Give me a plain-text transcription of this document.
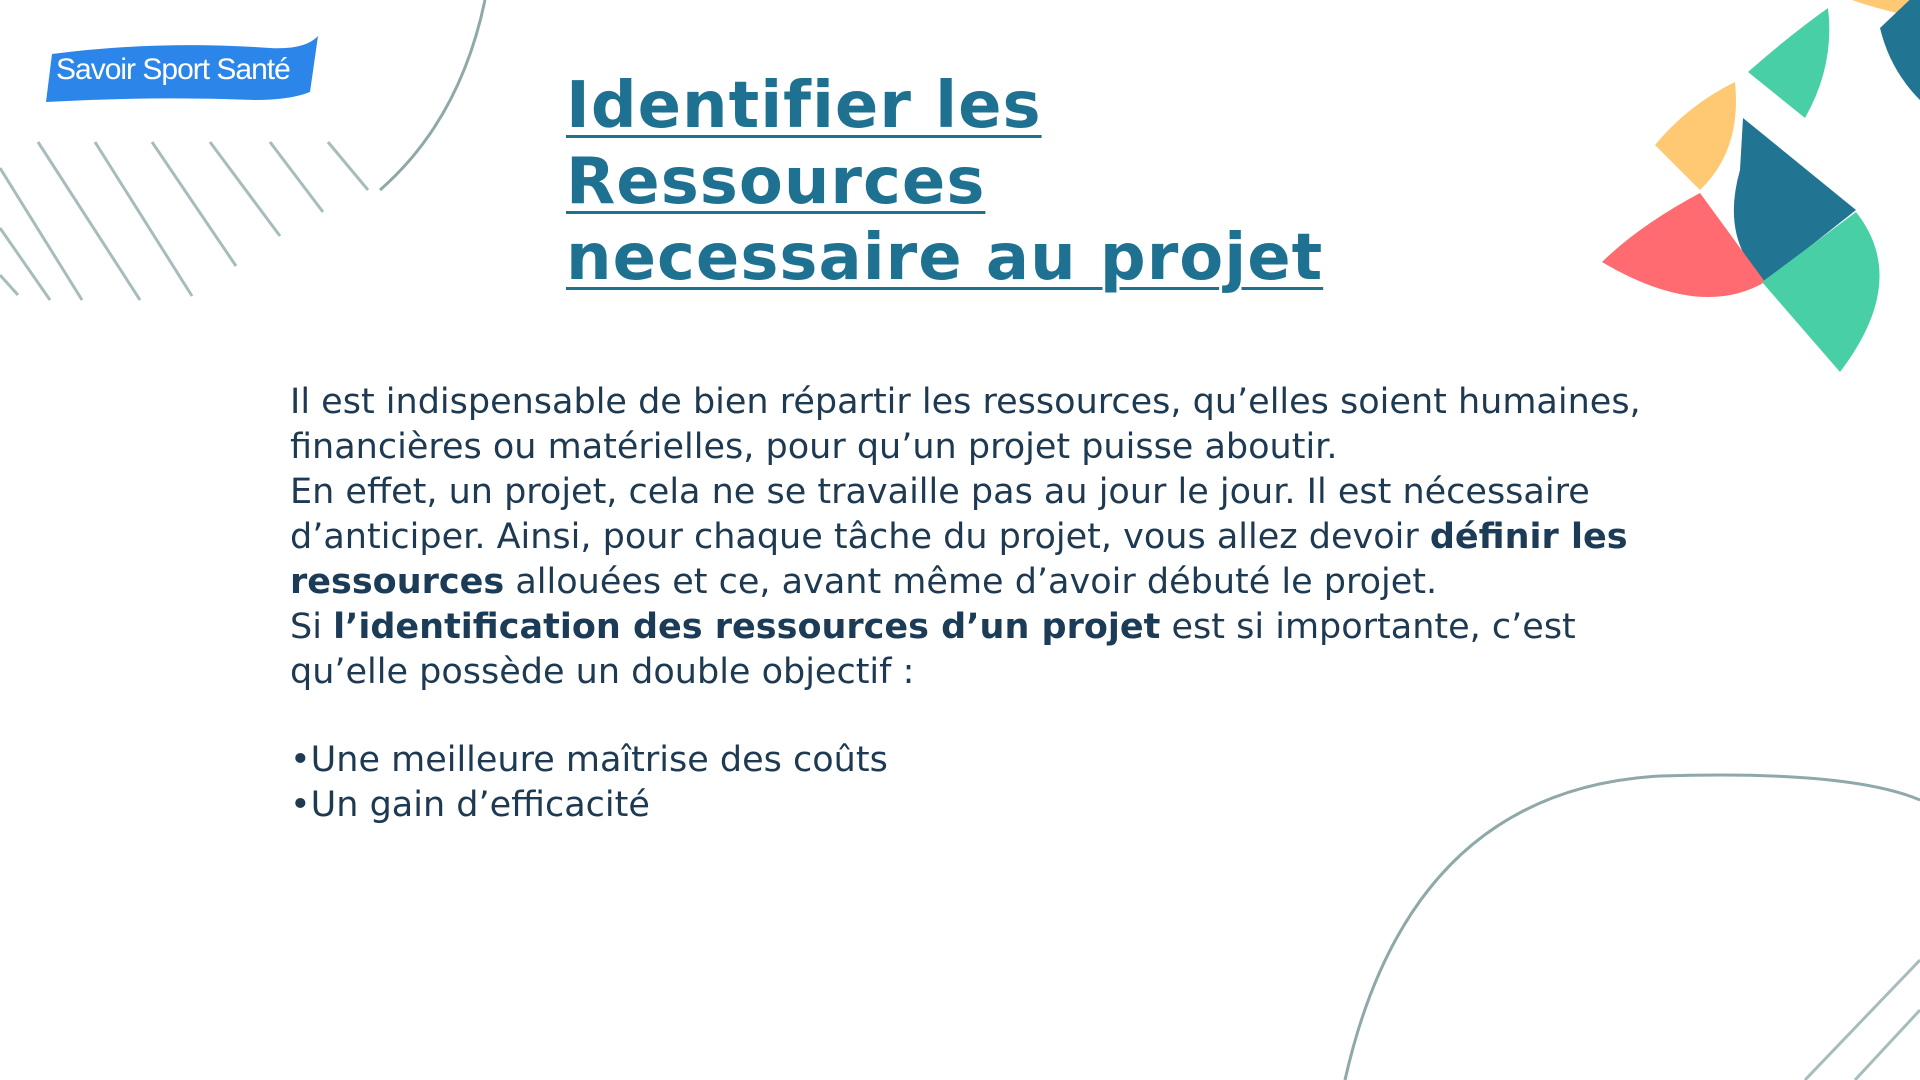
Savoir Sport Santé	Identifier les Ressources
necessaire au projet

Il est indispensable de bien répartir les ressources, qu’elles soient humaines, financières ou matérielles, pour qu’un projet puisse aboutir.

En effet, un projet, cela ne se travaille pas au jour le jour. Il est nécessaire d’anticiper. Ainsi, pour chaque tâche du projet, vous allez devoir définir les ressources allouées et ce, avant même d’avoir débuté le projet.

Si l’identification des ressources d’un projet est si importante, c’est qu’elle possède un double objectif :

•Une meilleure maîtrise des coûts

•Un gain d’efficacité
